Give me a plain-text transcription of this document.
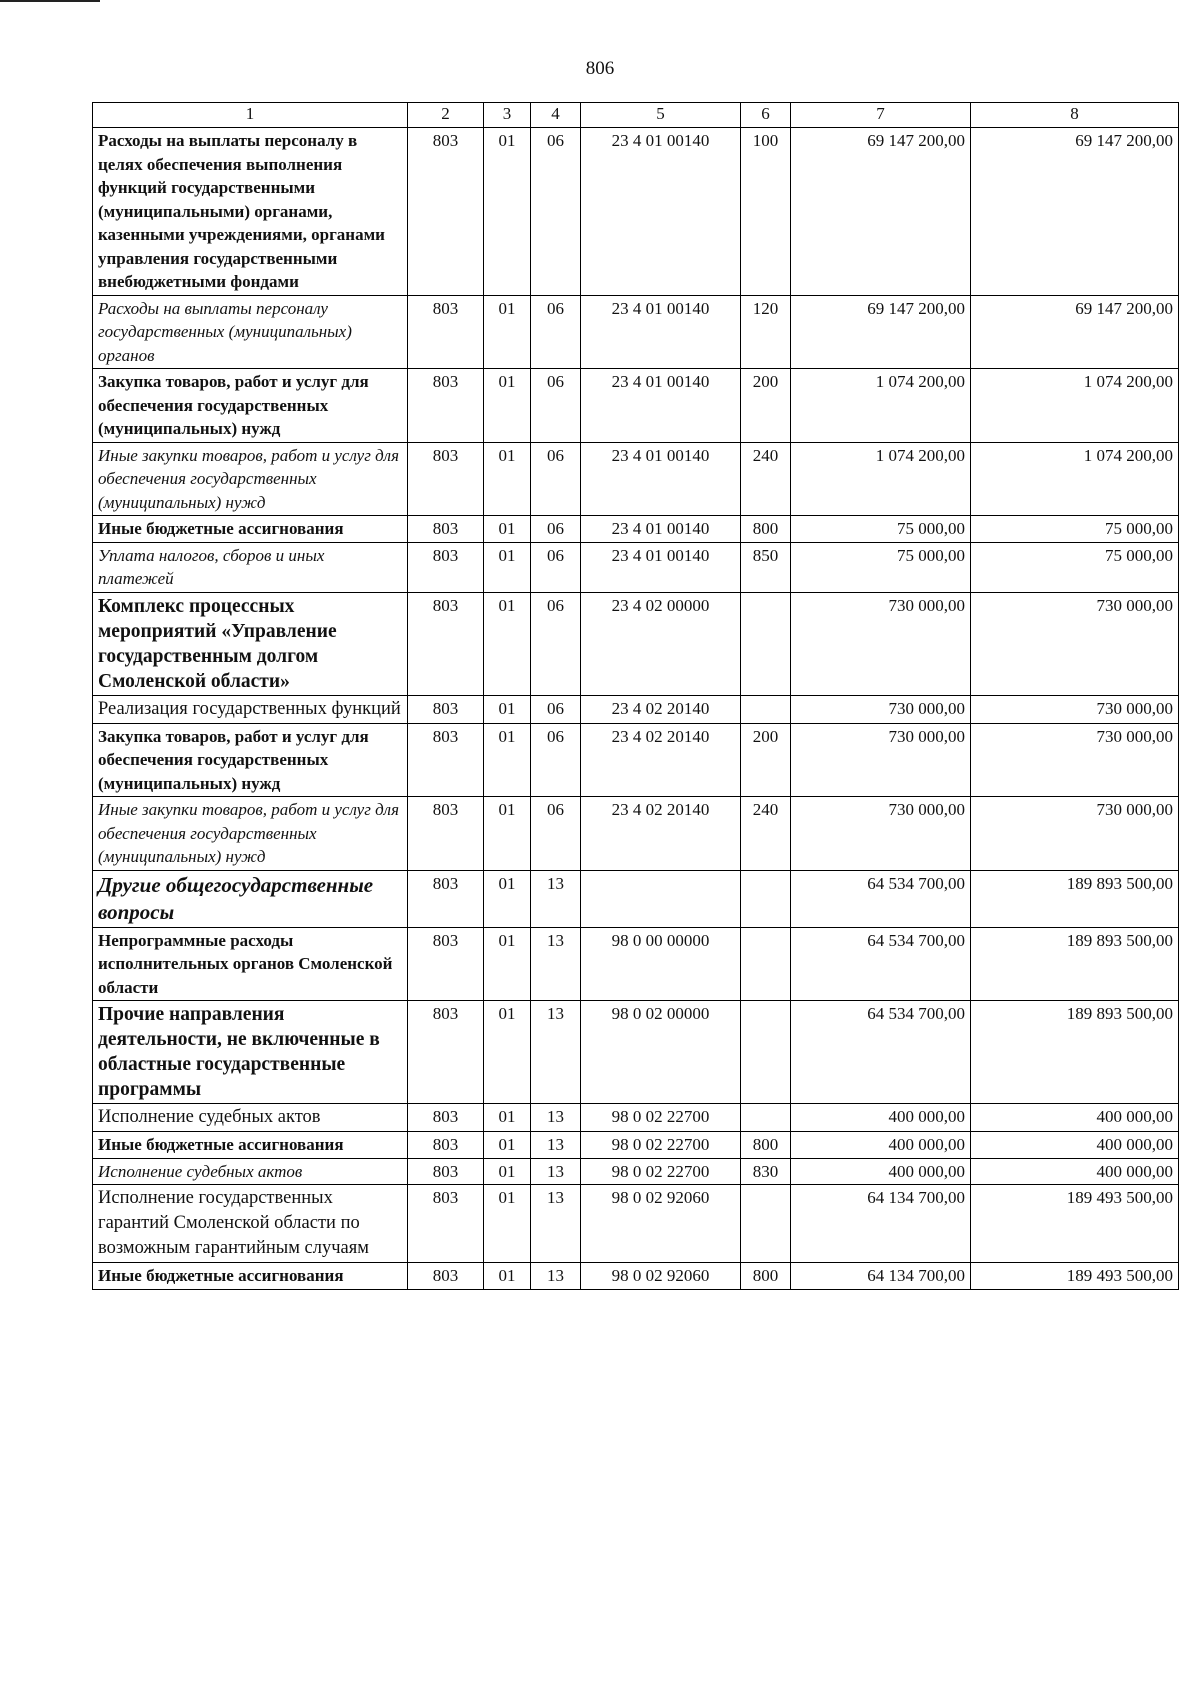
806
1	2	3	4	5	6	7	8
Расходы на выплаты персоналу в целях обеспечения выполнения функций государственными (муниципальными) органами, казенными учреждениями, органами управления государственными внебюджетными фондами	803	01	06	23 4 01 00140	100	69 147 200,00	69 147 200,00
Расходы на выплаты персоналу государственных (муниципальных) органов	803	01	06	23 4 01 00140	120	69 147 200,00	69 147 200,00
Закупка товаров, работ и услуг для обеспечения государственных (муниципальных) нужд	803	01	06	23 4 01 00140	200	1 074 200,00	1 074 200,00
Иные закупки товаров, работ и услуг для обеспечения государственных (муниципальных) нужд	803	01	06	23 4 01 00140	240	1 074 200,00	1 074 200,00
Иные бюджетные ассигнования	803	01	06	23 4 01 00140	800	75 000,00	75 000,00
Уплата налогов, сборов и иных платежей	803	01	06	23 4 01 00140	850	75 000,00	75 000,00
Комплекс процессных мероприятий «Управление государственным долгом Смоленской области»	803	01	06	23 4 02 00000		730 000,00	730 000,00
Реализация государственных функций	803	01	06	23 4 02 20140		730 000,00	730 000,00
Закупка товаров, работ и услуг для обеспечения государственных (муниципальных) нужд	803	01	06	23 4 02 20140	200	730 000,00	730 000,00
Иные закупки товаров, работ и услуг для обеспечения государственных (муниципальных) нужд	803	01	06	23 4 02 20140	240	730 000,00	730 000,00
Другие общегосударственные вопросы	803	01	13			64 534 700,00	189 893 500,00
Непрограммные расходы исполнительных органов Смоленской области	803	01	13	98 0 00 00000		64 534 700,00	189 893 500,00
Прочие направления деятельности, не включенные в областные государственные программы	803	01	13	98 0 02 00000		64 534 700,00	189 893 500,00
Исполнение судебных актов	803	01	13	98 0 02 22700		400 000,00	400 000,00
Иные бюджетные ассигнования	803	01	13	98 0 02 22700	800	400 000,00	400 000,00
Исполнение судебных актов	803	01	13	98 0 02 22700	830	400 000,00	400 000,00
Исполнение государственных гарантий Смоленской области по возможным гарантийным случаям	803	01	13	98 0 02 92060		64 134 700,00	189 493 500,00
Иные бюджетные ассигнования	803	01	13	98 0 02 92060	800	64 134 700,00	189 493 500,00
